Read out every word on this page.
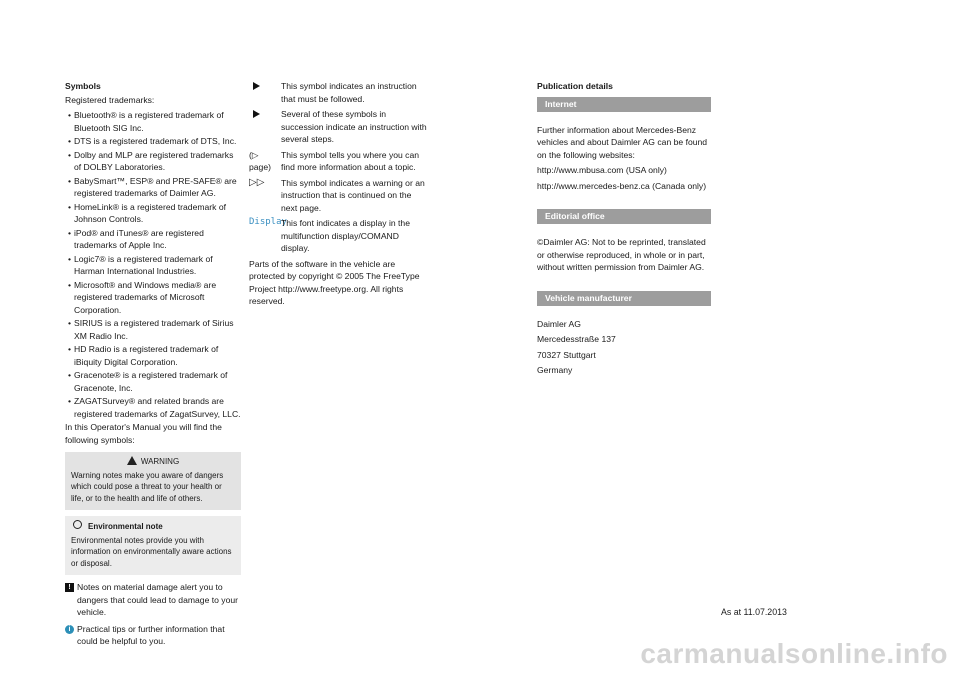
Symbols

Registered trademarks:

• Bluetooth® is a registered trademark of Bluetooth SIG Inc.
• DTS is a registered trademark of DTS, Inc.
• Dolby and MLP are registered trademarks of DOLBY Laboratories.
• BabySmart™, ESP® and PRE-SAFE® are registered trademarks of Daimler AG.
• HomeLink® is a registered trademark of Johnson Controls.
• iPod® and iTunes® are registered trademarks of Apple Inc.
• Logic7® is a registered trademark of Harman International Industries.
• Microsoft® and Windows media® are registered trademarks of Microsoft Corporation.
• SIRIUS is a registered trademark of Sirius XM Radio Inc.
• HD Radio is a registered trademark of iBiquity Digital Corporation.
• Gracenote® is a registered trademark of Gracenote, Inc.
• ZAGATSurvey® and related brands are registered trademarks of ZagatSurvey, LLC.

In this Operator's Manual you will find the following symbols:

WARNING
Warning notes make you aware of dangers which could pose a threat to your health or life, or to the health and life of others.
Environmental note
Environmental notes provide you with information on environmentally aware actions or disposal.
! Notes on material damage alert you to dangers that could lead to damage to your vehicle.
i Practical tips or further information that could be helpful to you.
This symbol indicates an instruction that must be followed.
Several of these symbols in succession indicate an instruction with several steps.
(▷ page)
This symbol tells you where you can find more information about a topic.
▷▷	This symbol indicates a warning or an instruction that is continued on the next page.
Display
This font indicates a display in the multifunction display/COMAND display.

Parts of the software in the vehicle are protected by copyright © 2005 The FreeType Project http://www.freetype.org. All rights reserved.

Publication details
Internet

Further information about Mercedes-Benz vehicles and about Daimler AG can be found on the following websites:

http://www.mbusa.com (USA only)

http://www.mercedes-benz.ca (Canada only)

Editorial office

©Daimler AG: Not to be reprinted, translated or otherwise reproduced, in whole or in part, without written permission from Daimler AG.

Vehicle manufacturer

Daimler AG

Mercedesstraße 137

70327 Stuttgart

Germany

As at 11.07.2013
carmanualsonline.info
